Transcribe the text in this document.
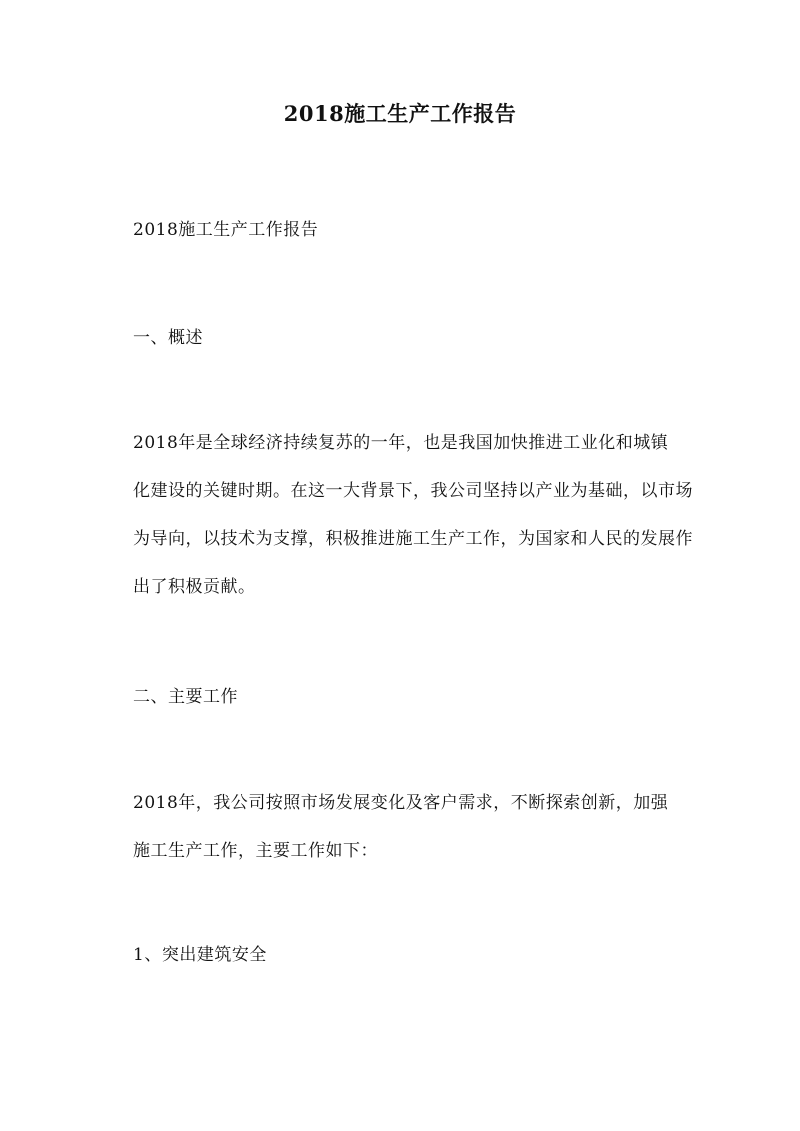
2018施工生产工作报告

2018施工生产工作报告

一、概述

2018年是全球经济持续复苏的一年，也是我国加快推进工业化和城镇
化建设的关键时期。在这一大背景下，我公司坚持以产业为基础，以市场
为导向，以技术为支撑，积极推进施工生产工作，为国家和人民的发展作
出了积极贡献。

二、主要工作

2018年，我公司按照市场发展变化及客户需求，不断探索创新，加强
施工生产工作，主要工作如下：

1、突出建筑安全
